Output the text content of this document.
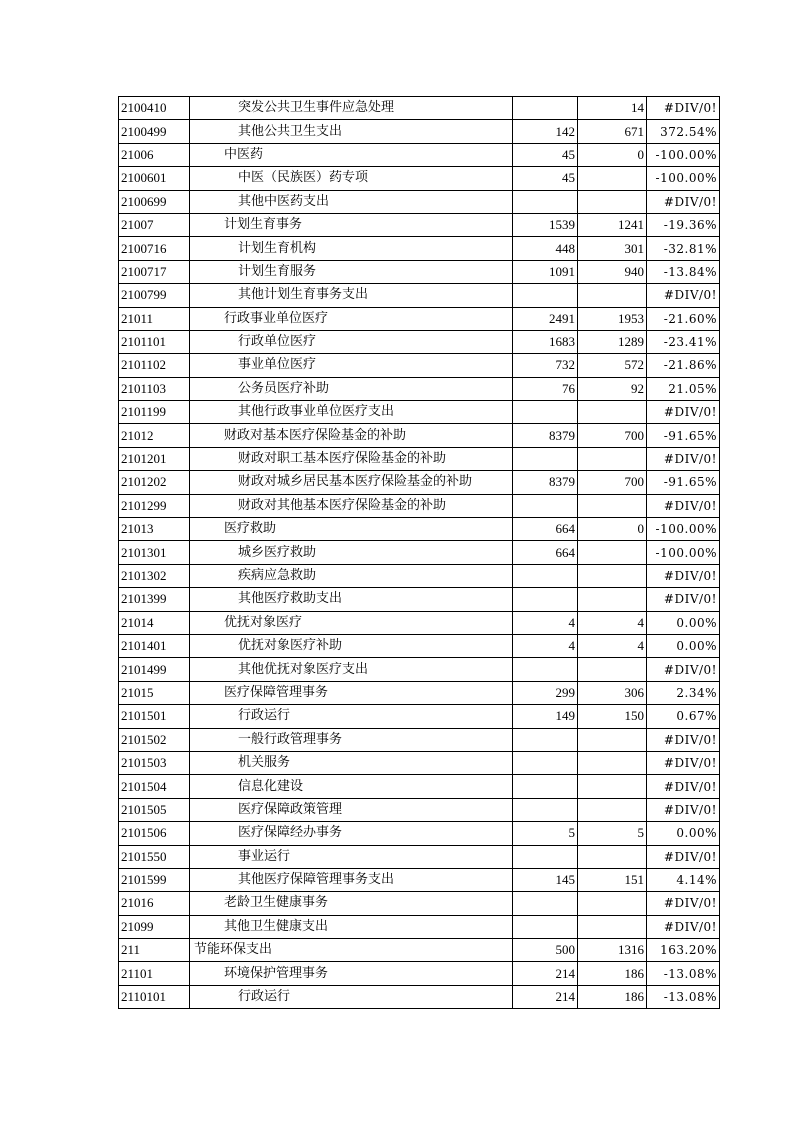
2100410	突发公共卫生事件应急处理		14	#DIV/0!
2100499	其他公共卫生支出	142	671	372.54%
21006	中医药	45	0	-100.00%
2100601	中医（民族医）药专项	45		-100.00%
2100699	其他中医药支出			#DIV/0!
21007	计划生育事务	1539	1241	-19.36%
2100716	计划生育机构	448	301	-32.81%
2100717	计划生育服务	1091	940	-13.84%
2100799	其他计划生育事务支出			#DIV/0!
21011	行政事业单位医疗	2491	1953	-21.60%
2101101	行政单位医疗	1683	1289	-23.41%
2101102	事业单位医疗	732	572	-21.86%
2101103	公务员医疗补助	76	92	21.05%
2101199	其他行政事业单位医疗支出			#DIV/0!
21012	财政对基本医疗保险基金的补助	8379	700	-91.65%
2101201	财政对职工基本医疗保险基金的补助			#DIV/0!
2101202	财政对城乡居民基本医疗保险基金的补助	8379	700	-91.65%
2101299	财政对其他基本医疗保险基金的补助			#DIV/0!
21013	医疗救助	664	0	-100.00%
2101301	城乡医疗救助	664		-100.00%
2101302	疾病应急救助			#DIV/0!
2101399	其他医疗救助支出			#DIV/0!
21014	优抚对象医疗	4	4	0.00%
2101401	优抚对象医疗补助	4	4	0.00%
2101499	其他优抚对象医疗支出			#DIV/0!
21015	医疗保障管理事务	299	306	2.34%
2101501	行政运行	149	150	0.67%
2101502	一般行政管理事务			#DIV/0!
2101503	机关服务			#DIV/0!
2101504	信息化建设			#DIV/0!
2101505	医疗保障政策管理			#DIV/0!
2101506	医疗保障经办事务	5	5	0.00%
2101550	事业运行			#DIV/0!
2101599	其他医疗保障管理事务支出	145	151	4.14%
21016	老龄卫生健康事务			#DIV/0!
21099	其他卫生健康支出			#DIV/0!
211	节能环保支出	500	1316	163.20%
21101	环境保护管理事务	214	186	-13.08%
2110101	行政运行	214	186	-13.08%
